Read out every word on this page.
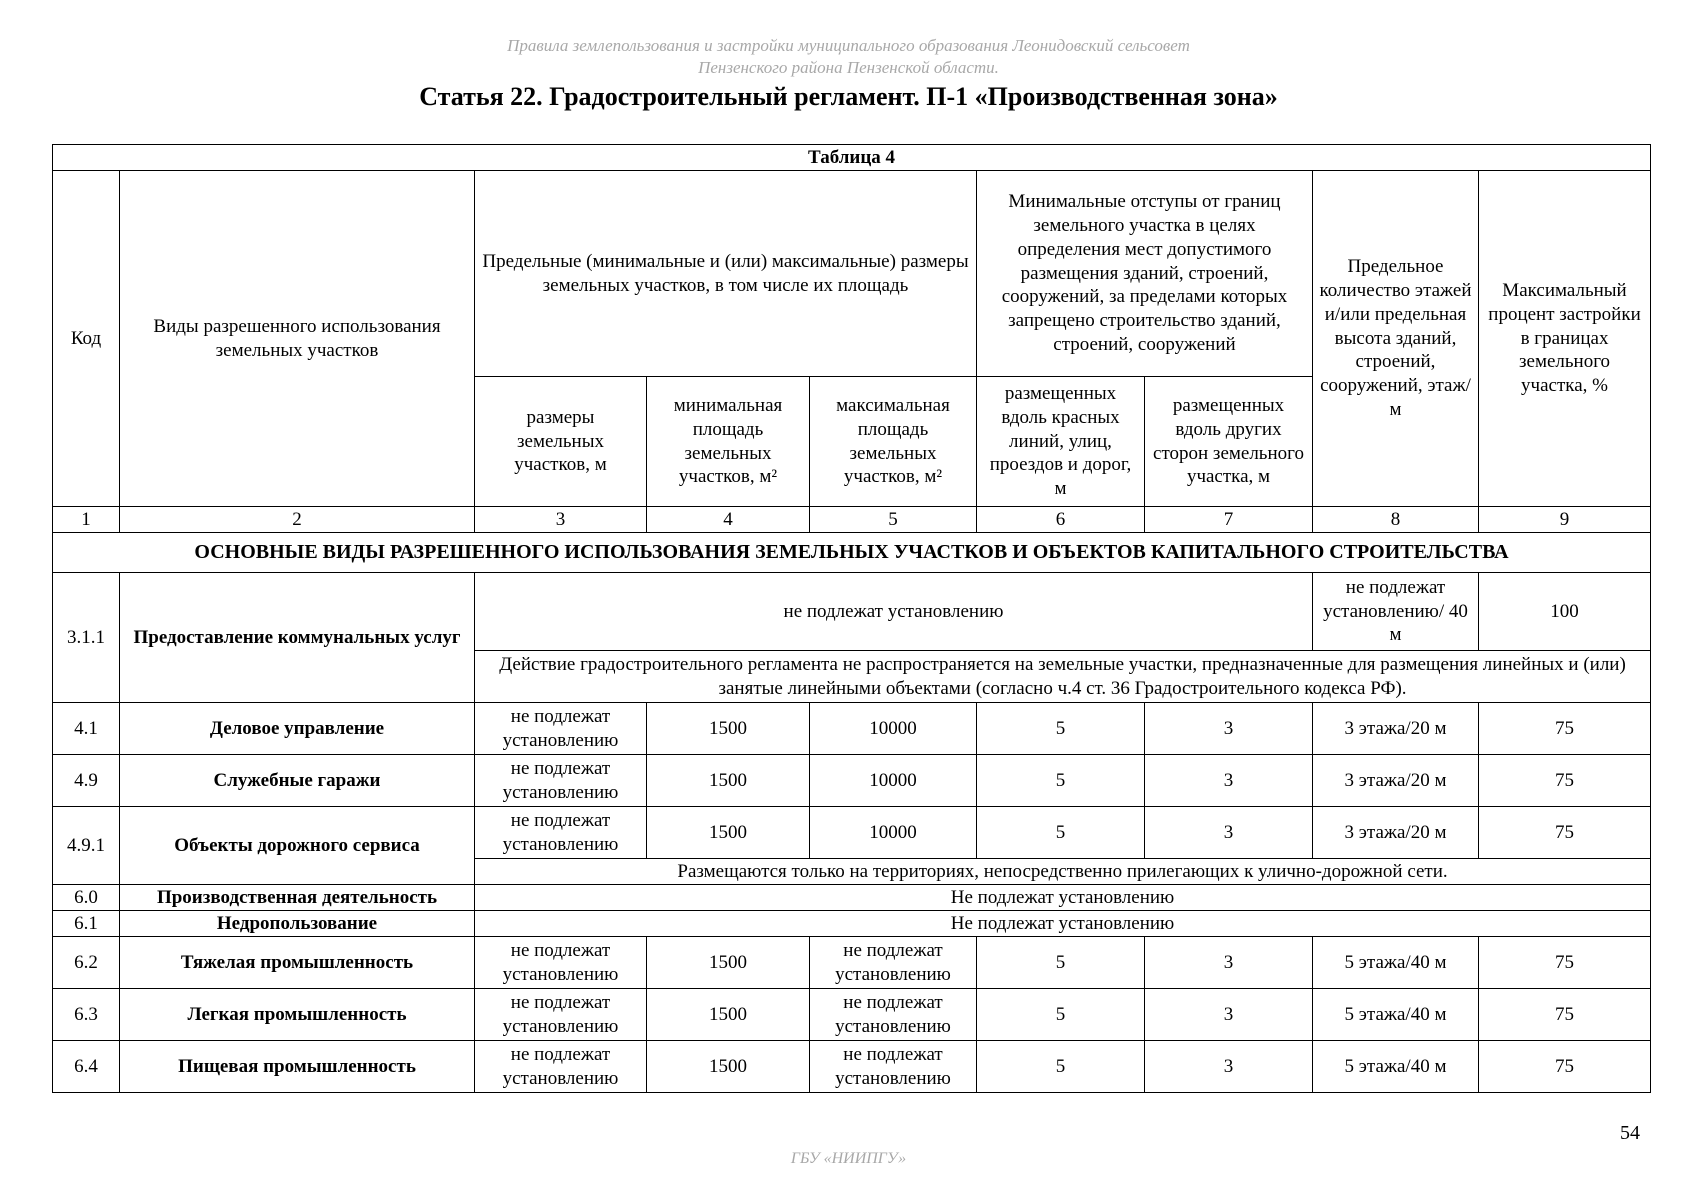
Правила землепользования и застройки муниципального образования Леонидовский сельсовет
Пензенского района Пензенской области.
Статья 22. Градостроительный регламент. П-1 «Производственная зона»
Таблица 4								
Код	Виды разрешенного использования земельных участков	Предельные (минимальные и (или) максимальные) размеры земельных участков, в том числе их площадь			Минимальные отступы от границ земельного участка в целях определения мест допустимого размещения зданий, строений, сооружений, за пределами которых запрещено строительство зданий, строений, сооружений		Предельное количество этажей и/или предельная высота зданий, строений, сооружений, этаж/м	Максимальный процент застройки в границах земельного участка, %
		размеры земельных участков, м	минимальная площадь земельных участков, м²	максимальная площадь земельных участков, м²	размещенных вдоль красных линий, улиц, проездов и дорог, м	размещенных вдоль других сторон земельного участка, м		
1	2	3	4	5	6	7	8	9
ОСНОВНЫЕ ВИДЫ РАЗРЕШЕННОГО ИСПОЛЬЗОВАНИЯ ЗЕМЕЛЬНЫХ УЧАСТКОВ И ОБЪЕКТОВ КАПИТАЛЬНОГО СТРОИТЕЛЬСТВА								
3.1.1	Предоставление коммунальных услуг	не подлежат установлению					не подлежат установлению/ 40 м	100
		Действие градостроительного регламента не распространяется на земельные участки, предназначенные для размещения линейных и (или) занятые линейными объектами (согласно ч.4 ст. 36 Градостроительного кодекса РФ).						
4.1	Деловое управление	не подлежат установлению	1500	10000	5	3	3 этажа/20 м	75
4.9	Служебные гаражи	не подлежат установлению	1500	10000	5	3	3 этажа/20 м	75
4.9.1	Объекты дорожного сервиса	не подлежат установлению	1500	10000	5	3	3 этажа/20 м	75
		Размещаются только на территориях, непосредственно прилегающих к улично-дорожной сети.						
6.0	Производственная деятельность	Не подлежат установлению						
6.1	Недропользование	Не подлежат установлению						
6.2	Тяжелая промышленность	не подлежат установлению	1500	не подлежат установлению	5	3	5 этажа/40 м	75
6.3	Легкая промышленность	не подлежат установлению	1500	не подлежат установлению	5	3	5 этажа/40 м	75
6.4	Пищевая промышленность	не подлежат установлению	1500	не подлежат установлению	5	3	5 этажа/40 м	75
54
ГБУ «НИИПГУ»
